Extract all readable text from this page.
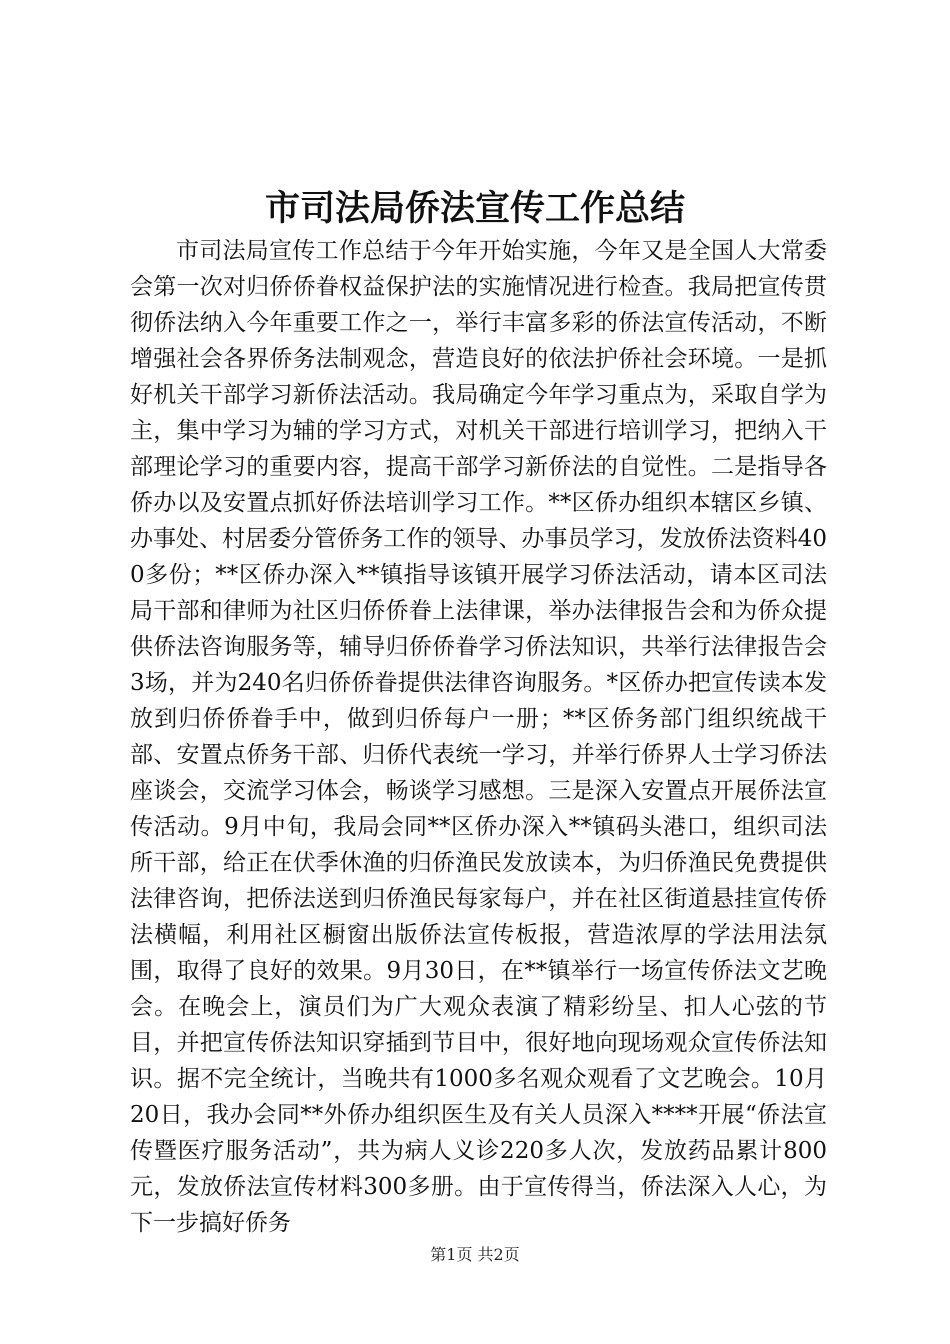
市司法局侨法宣传工作总结

市司法局宣传工作总结于今年开始实施，今年又是全国人大常委会第一次对归侨侨眷权益保护法的实施情况进行检查。我局把宣传贯彻侨法纳入今年重要工作之一，举行丰富多彩的侨法宣传活动，不断增强社会各界侨务法制观念，营造良好的依法护侨社会环境。一是抓好机关干部学习新侨法活动。我局确定今年学习重点为，采取自学为主，集中学习为辅的学习方式，对机关干部进行培训学习，把纳入干部理论学习的重要内容，提高干部学习新侨法的自觉性。二是指导各侨办以及安置点抓好侨法培训学习工作。**区侨办组织本辖区乡镇、办事处、村居委分管侨务工作的领导、办事员学习，发放侨法资料400多份；**区侨办深入**镇指导该镇开展学习侨法活动，请本区司法局干部和律师为社区归侨侨眷上法律课，举办法律报告会和为侨众提供侨法咨询服务等，辅导归侨侨眷学习侨法知识，共举行法律报告会3场，并为240名归侨侨眷提供法律咨询服务。*区侨办把宣传读本发放到归侨侨眷手中，做到归侨每户一册；**区侨务部门组织统战干部、安置点侨务干部、归侨代表统一学习，并举行侨界人士学习侨法座谈会，交流学习体会，畅谈学习感想。三是深入安置点开展侨法宣传活动。9月中旬，我局会同**区侨办深入**镇码头港口，组织司法所干部，给正在伏季休渔的归侨渔民发放读本，为归侨渔民免费提供法律咨询，把侨法送到归侨渔民每家每户，并在社区街道悬挂宣传侨法横幅，利用社区橱窗出版侨法宣传板报，营造浓厚的学法用法氛围，取得了良好的效果。9月30日，在**镇举行一场宣传侨法文艺晚会。在晚会上，演员们为广大观众表演了精彩纷呈、扣人心弦的节目，并把宣传侨法知识穿插到节目中，很好地向现场观众宣传侨法知识。据不完全统计，当晚共有1000多名观众观看了文艺晚会。10月20日，我办会同**外侨办组织医生及有关人员深入****开展“侨法宣传暨医疗服务活动”，共为病人义诊220多人次，发放药品累计800元，发放侨法宣传材料300多册。由于宣传得当，侨法深入人心，为下一步搞好侨务

第1页 共2页
